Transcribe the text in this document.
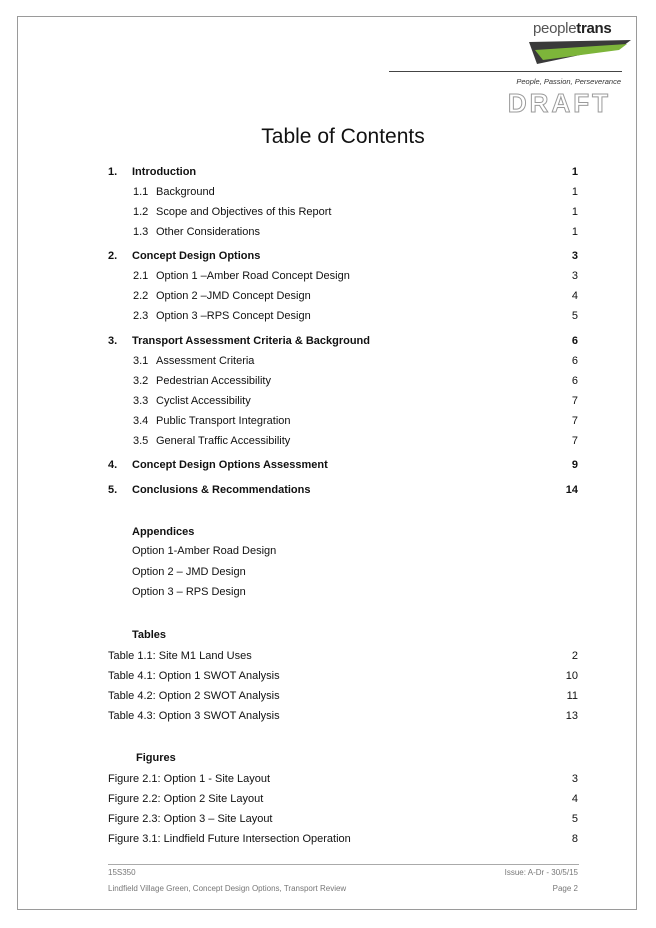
peopletrans
People, Passion, Perseverance
DRAFT
Table of Contents
1. Introduction	1
1.1 Background	1
1.2 Scope and Objectives of this Report	1
1.3 Other Considerations	1
2. Concept Design Options	3
2.1 Option 1 –Amber Road Concept Design	3
2.2 Option 2 –JMD Concept Design	4
2.3 Option 3 –RPS Concept Design	5
3. Transport Assessment Criteria & Background	6
3.1 Assessment Criteria	6
3.2 Pedestrian Accessibility	6
3.3 Cyclist Accessibility	7
3.4 Public Transport Integration	7
3.5 General Traffic Accessibility	7
4. Concept Design Options Assessment	9
5. Conclusions & Recommendations	14
Appendices
Option 1-Amber Road Design
Option 2 – JMD Design
Option 3 – RPS Design
Tables
Table 1.1: Site M1 Land Uses	2
Table 4.1: Option 1 SWOT Analysis	10
Table 4.2: Option 2 SWOT Analysis	11
Table 4.3: Option 3 SWOT Analysis	13
Figures
Figure 2.1: Option 1 - Site Layout	3
Figure 2.2: Option 2 Site Layout	4
Figure 2.3: Option 3 – Site Layout	5
Figure 3.1: Lindfield Future Intersection Operation	8
15S350	Issue: A-Dr - 30/5/15
Lindfield Village Green, Concept Design Options, Transport Review	Page 2
